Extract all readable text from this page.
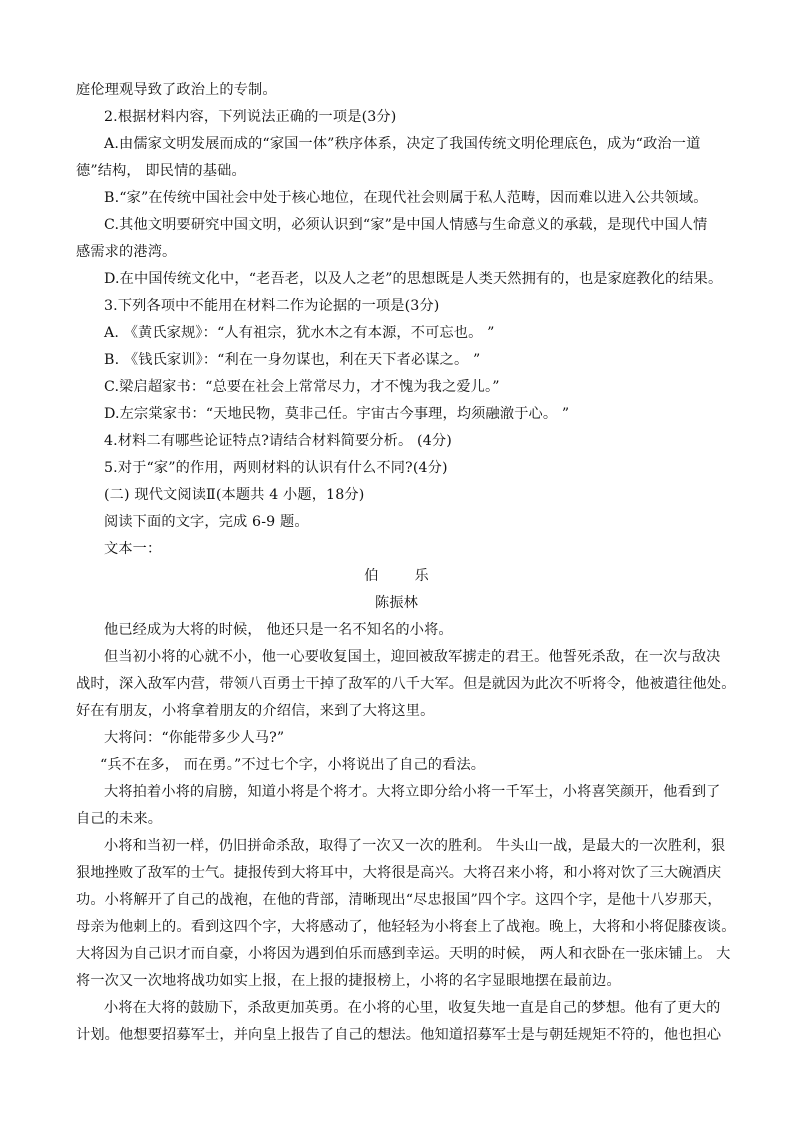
庭伦理观导致了政治上的专制。
2.根据材料内容，下列说法正确的一项是(3分)
A.由儒家文明发展而成的“家国一体”秩序体系，决定了我国传统文明伦理底色，成为“政治一道
德”结构， 即民情的基础。
B.“家”在传统中国社会中处于核心地位，在现代社会则属于私人范畴，因而难以进入公共领域。
C.其他文明要研究中国文明，必须认识到“家”是中国人情感与生命意义的承载，是现代中国人情
感需求的港湾。
D.在中国传统文化中，“老吾老，以及人之老”的思想既是人类天然拥有的，也是家庭教化的结果。
3.下列各项中不能用在材料二作为论据的一项是(3分)
A. 《黄氏家规》：“人有祖宗，犹水木之有本源，不可忘也。 ”
B. 《钱氏家训》：“利在一身勿谋也，利在天下者必谋之。 ”
C.梁启超家书：“总要在社会上常常尽力，才不愧为我之爱儿。”
D.左宗棠家书：“天地民物，莫非己任。宇宙古今事理，均须融澈于心。 ”
4.材料二有哪些论证特点?请结合材料简要分析。 (4分)
5.对于“家”的作用，两则材料的认识有什么不同?(4分)
(二) 现代文阅读Ⅱ(本题共 4 小题，18分)
阅读下面的文字，完成 6-9 题。
文本一：
伯        乐
陈振林
他已经成为大将的时候， 他还只是一名不知名的小将。
但当初小将的心就不小，他一心要收复国土，迎回被敌军掳走的君王。他誓死杀敌，在一次与敌决
战时，深入敌军内营，带领八百勇士干掉了敌军的八千大军。但是就因为此次不听将令，他被遣往他处。
好在有朋友，小将拿着朋友的介绍信，来到了大将这里。
大将问：“你能带多少人马?”
“兵不在多， 而在勇。”不过七个字，小将说出了自己的看法。
大将拍着小将的肩膀，知道小将是个将才。大将立即分给小将一千军士，小将喜笑颜开，他看到了
自己的未来。
小将和当初一样，仍旧拼命杀敌，取得了一次又一次的胜利。 牛头山一战，是最大的一次胜利，狠
狠地挫败了敌军的士气。捷报传到大将耳中，大将很是高兴。大将召来小将，和小将对饮了三大碗酒庆
功。小将解开了自己的战袍，在他的背部，清晰现出“尽忠报国”四个字。这四个字，是他十八岁那天，
母亲为他刺上的。看到这四个字，大将感动了，他轻轻为小将套上了战袍。晚上，大将和小将促膝夜谈。
大将因为自己识才而自豪，小将因为遇到伯乐而感到幸运。天明的时候， 两人和衣卧在一张床铺上。 大
将一次又一次地将战功如实上报，在上报的捷报榜上，小将的名字显眼地摆在最前边。
小将在大将的鼓励下，杀敌更加英勇。在小将的心里，收复失地一直是自己的梦想。他有了更大的
计划。他想要招募军士，并向皇上报告了自己的想法。他知道招募军士是与朝廷规矩不符的，他也担心
